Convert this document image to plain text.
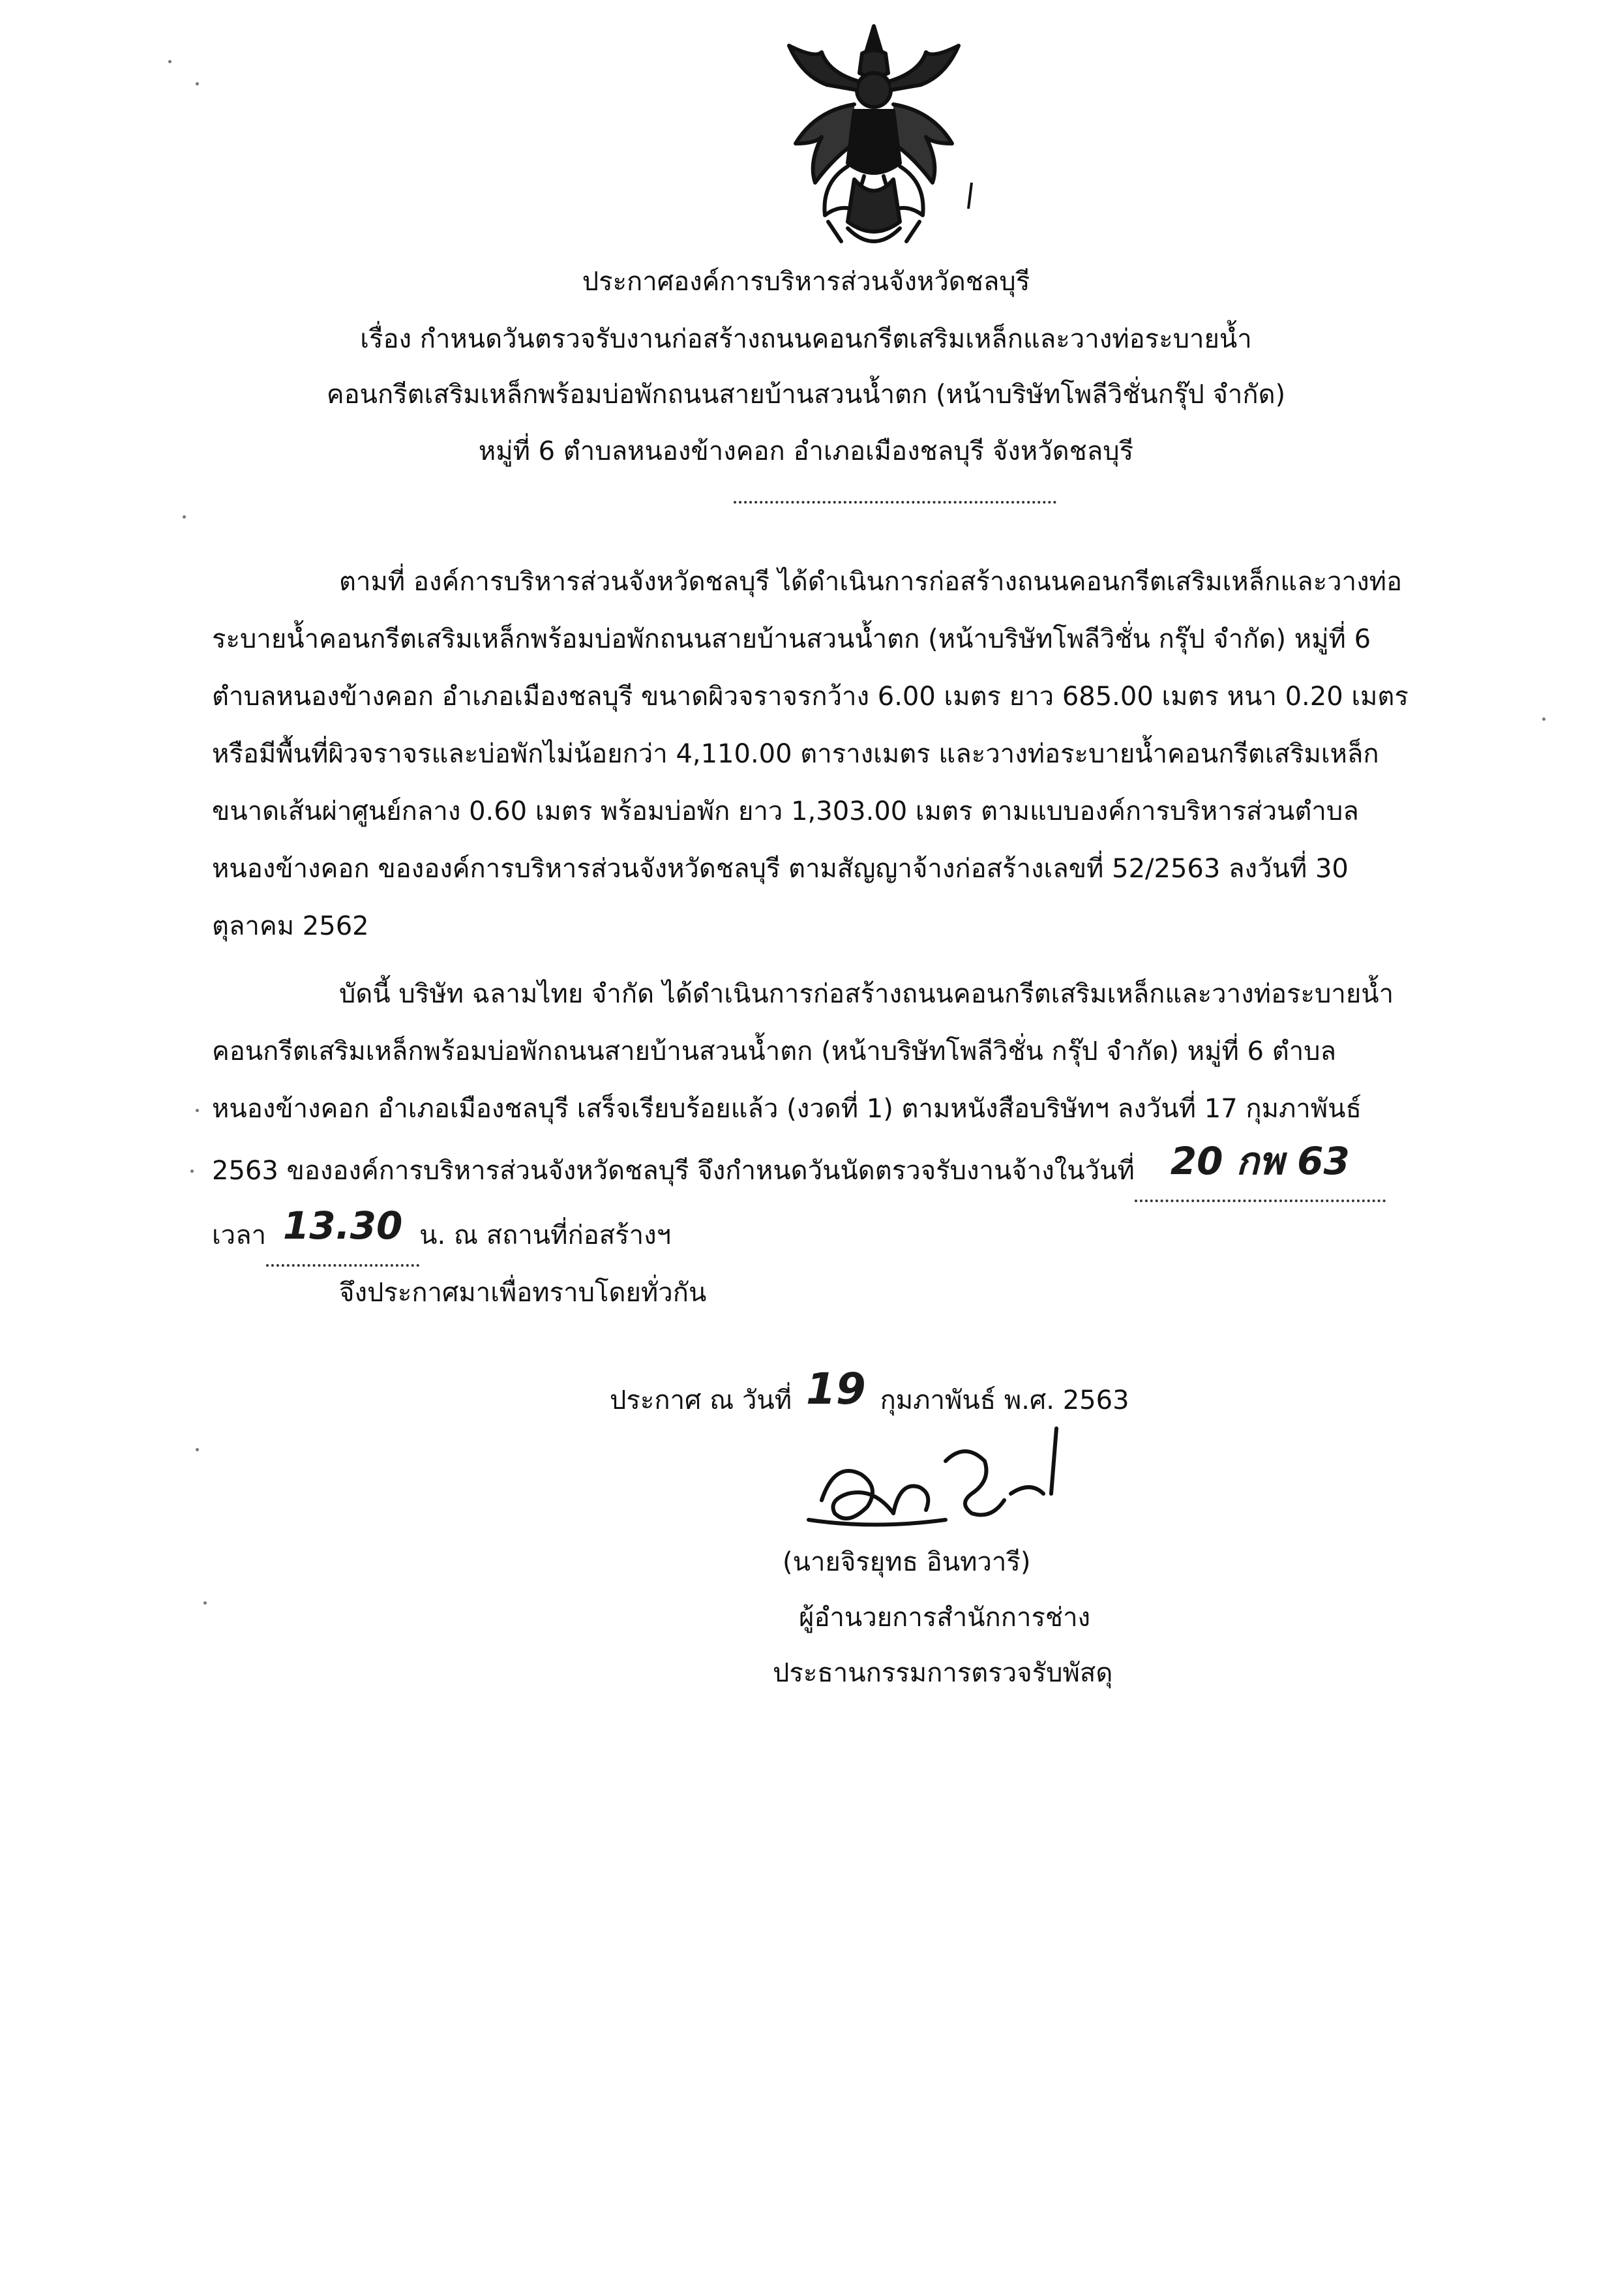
ประกาศองค์การบริหารส่วนจังหวัดชลบุรี
เรื่อง กำหนดวันตรวจรับงานก่อสร้างถนนคอนกรีตเสริมเหล็กและวางท่อระบายน้ำ
คอนกรีตเสริมเหล็กพร้อมบ่อพักถนนสายบ้านสวนน้ำตก (หน้าบริษัทโพลีวิชั่นกรุ๊ป จำกัด)
หมู่ที่ 6 ตำบลหนองข้างคอก อำเภอเมืองชลบุรี จังหวัดชลบุรี
ตามที่ องค์การบริหารส่วนจังหวัดชลบุรี ได้ดำเนินการก่อสร้างถนนคอนกรีตเสริมเหล็กและวางท่อ
ระบายน้ำคอนกรีตเสริมเหล็กพร้อมบ่อพักถนนสายบ้านสวนน้ำตก (หน้าบริษัทโพลีวิชั่น กรุ๊ป จำกัด) หมู่ที่ 6
ตำบลหนองข้างคอก อำเภอเมืองชลบุรี ขนาดผิวจราจรกว้าง 6.00 เมตร ยาว 685.00 เมตร หนา 0.20 เมตร
หรือมีพื้นที่ผิวจราจรและบ่อพักไม่น้อยกว่า 4,110.00 ตารางเมตร และวางท่อระบายน้ำคอนกรีตเสริมเหล็ก
ขนาดเส้นผ่าศูนย์กลาง 0.60 เมตร พร้อมบ่อพัก ยาว 1,303.00 เมตร ตามแบบองค์การบริหารส่วนตำบล
หนองข้างคอก ขององค์การบริหารส่วนจังหวัดชลบุรี ตามสัญญาจ้างก่อสร้างเลขที่ 52/2563 ลงวันที่ 30
ตุลาคม 2562
บัดนี้ บริษัท ฉลามไทย จำกัด ได้ดำเนินการก่อสร้างถนนคอนกรีตเสริมเหล็กและวางท่อระบายน้ำ
คอนกรีตเสริมเหล็กพร้อมบ่อพักถนนสายบ้านสวนน้ำตก (หน้าบริษัทโพลีวิชั่น กรุ๊ป จำกัด) หมู่ที่ 6 ตำบล
หนองข้างคอก อำเภอเมืองชลบุรี เสร็จเรียบร้อยแล้ว (งวดที่ 1) ตามหนังสือบริษัทฯ ลงวันที่ 17 กุมภาพันธ์
2563 ขององค์การบริหารส่วนจังหวัดชลบุรี จึงกำหนดวันนัดตรวจรับงานจ้างในวันที่ 20 กพ 63
เวลา 13.30 น. ณ สถานที่ก่อสร้างฯ
จึงประกาศมาเพื่อทราบโดยทั่วกัน
ประกาศ ณ วันที่ 19 กุมภาพันธ์ พ.ศ. 2563
(นายจิรยุทธ อินทวารี)
ผู้อำนวยการสำนักการช่าง
ประธานกรรมการตรวจรับพัสดุ
